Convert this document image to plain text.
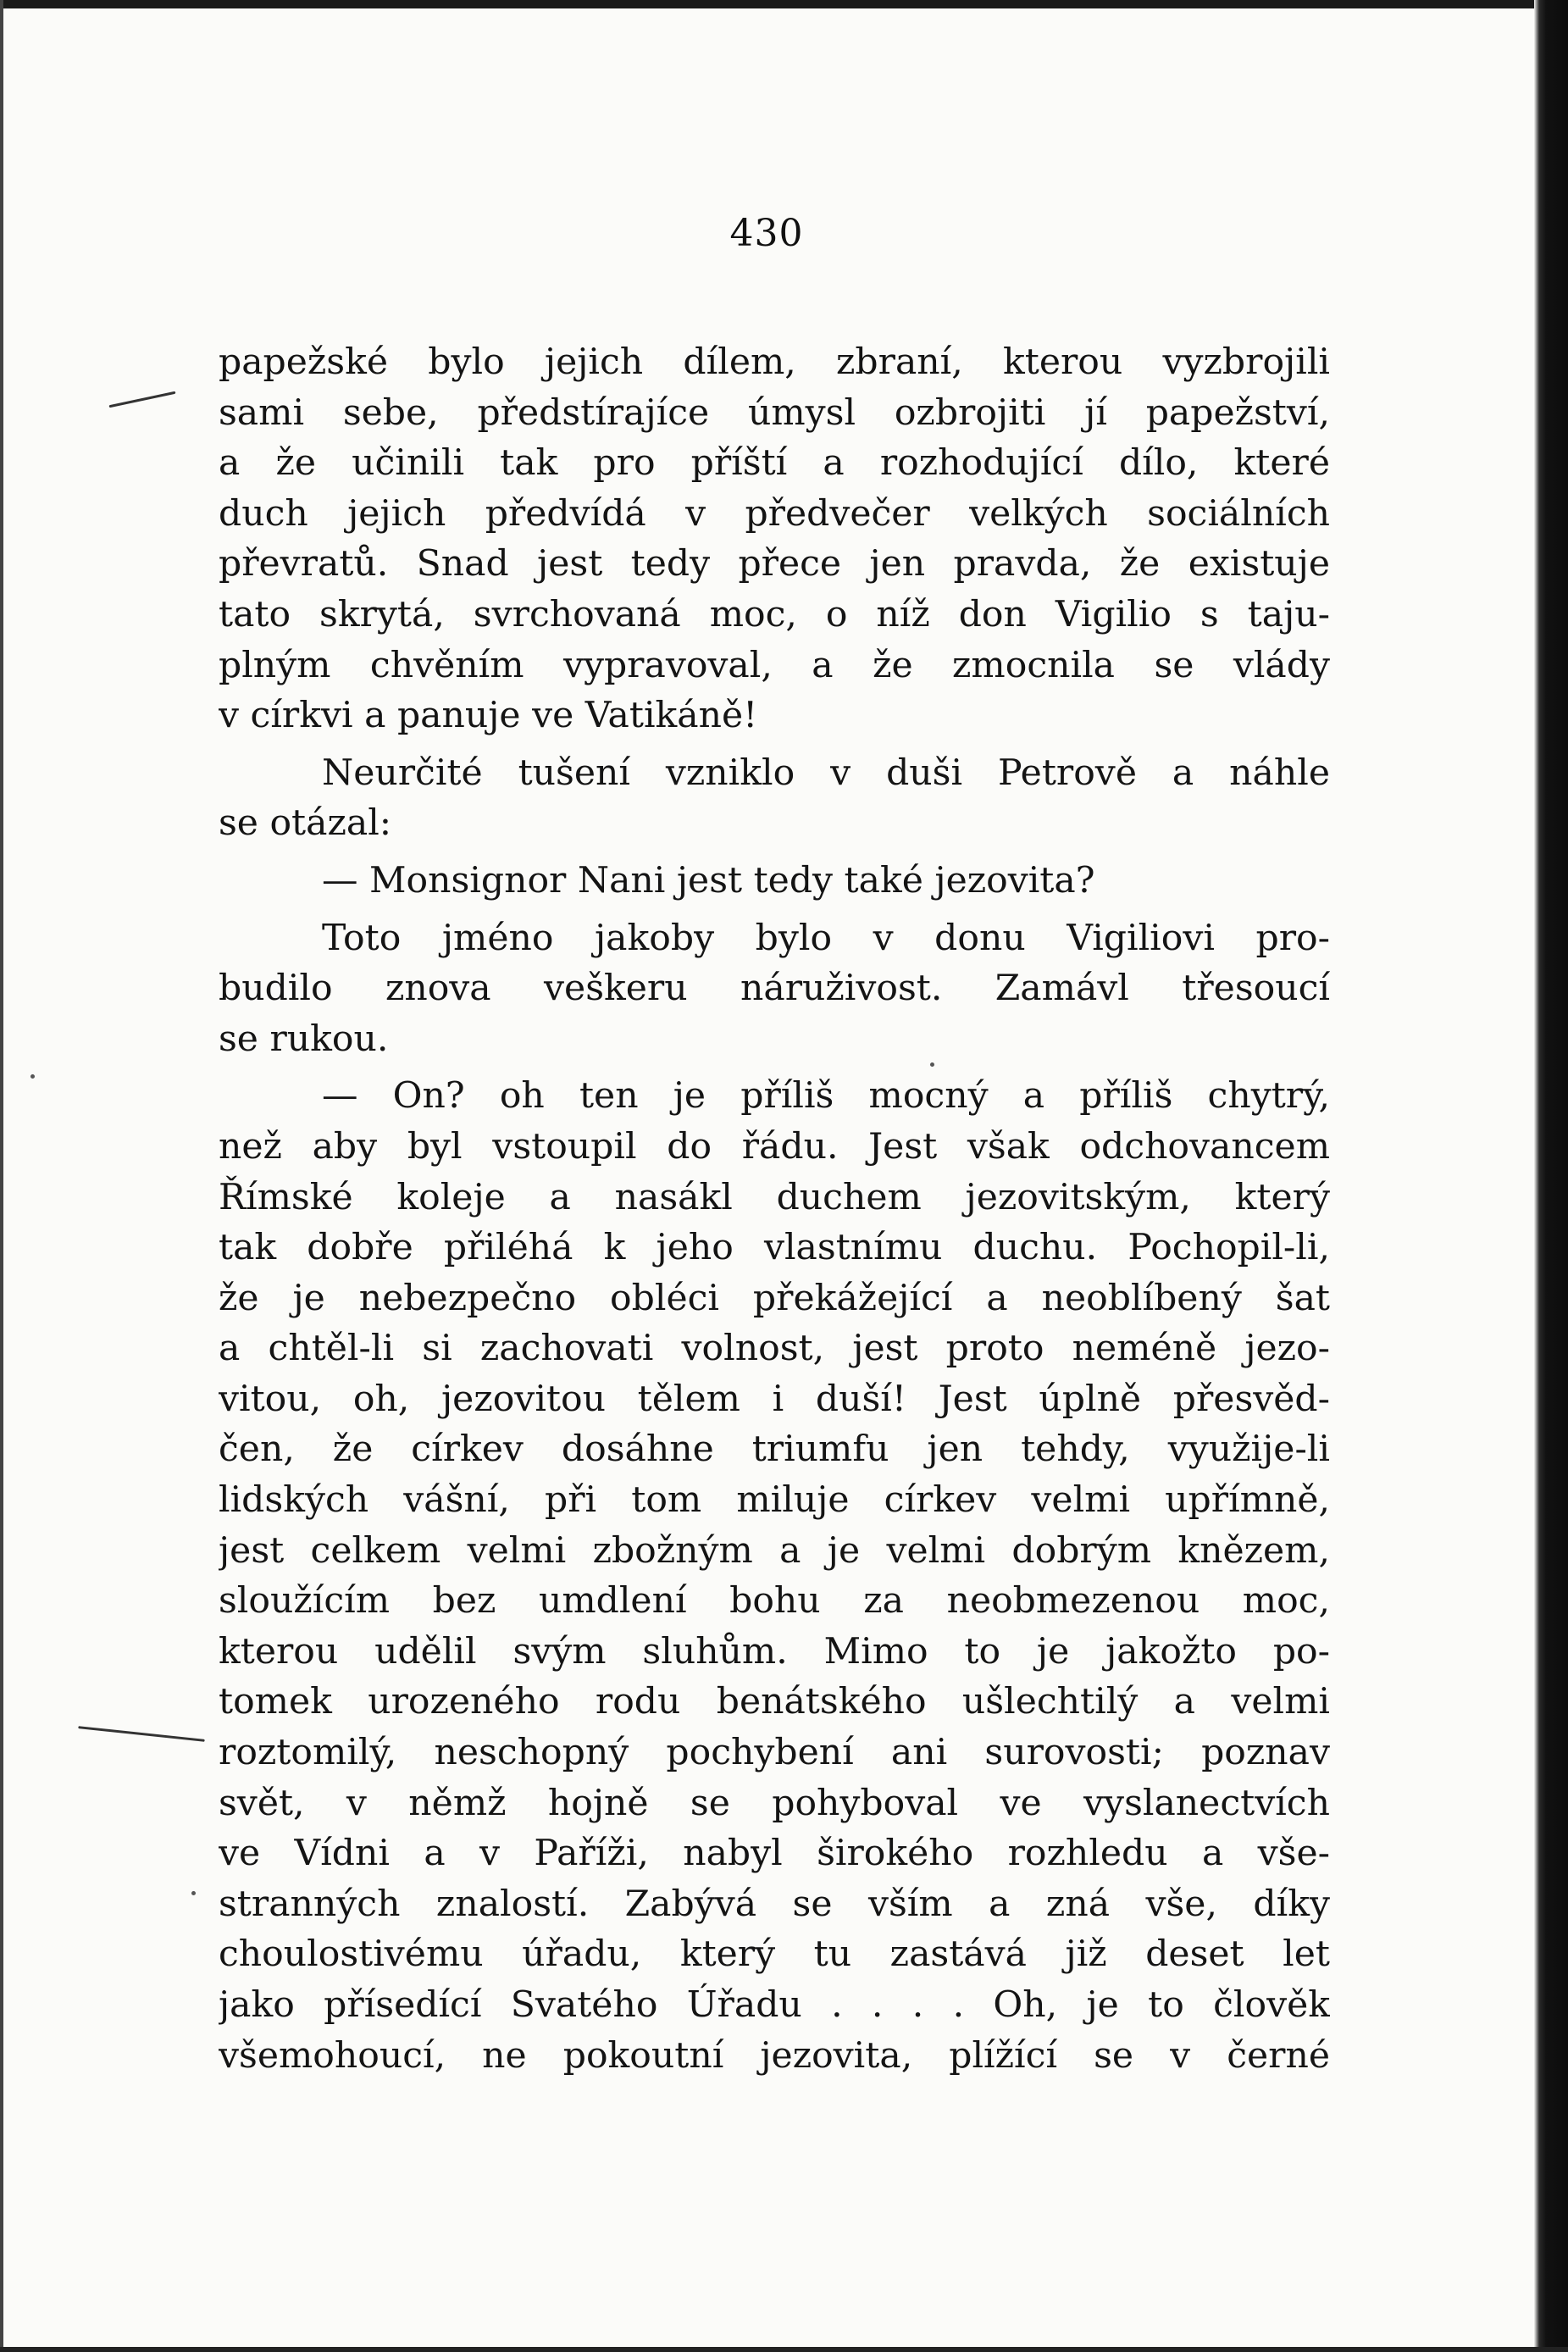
430
papežské bylo jejich dílem, zbraní, kterou vyzbrojili
sami sebe, předstírajíce úmysl ozbrojiti jí papežství,
a že učinili tak pro příští a rozhodující dílo, které
duch jejich předvídá v předvečer velkých sociálních
převratů. Snad jest tedy přece jen pravda, že existuje
tato skrytá, svrchovaná moc, o níž don Vigilio s taju-
plným chvěním vypravoval, a že zmocnila se vlády
v církvi a panuje ve Vatikáně!
Neurčité tušení vzniklo v duši Petrově a náhle
se otázal:
— Monsignor Nani jest tedy také jezovita?
Toto jméno jakoby bylo v donu Vigiliovi pro-
budilo znova veškeru náruživost. Zamávl třesoucí
se rukou.
— On? oh ten je příliš mocný a příliš chytrý,
než aby byl vstoupil do řádu. Jest však odchovancem
Římské koleje a nasákl duchem jezovitským, který
tak dobře přiléhá k jeho vlastnímu duchu. Pochopil-li,
že je nebezpečno obléci překážející a neoblíbený šat
a chtěl-li si zachovati volnost, jest proto neméně jezo-
vitou, oh, jezovitou tělem i duší! Jest úplně přesvěd-
čen, že církev dosáhne triumfu jen tehdy, využije-li
lidských vášní, při tom miluje církev velmi upřímně,
jest celkem velmi zbožným a je velmi dobrým knězem,
sloužícím bez umdlení bohu za neobmezenou moc,
kterou udělil svým sluhům. Mimo to je jakožto po-
tomek urozeného rodu benátského ušlechtilý a velmi
roztomilý, neschopný pochybení ani surovosti; poznav
svět, v němž hojně se pohyboval ve vyslanectvích
ve Vídni a v Paříži, nabyl širokého rozhledu a vše-
stranných znalostí. Zabývá se vším a zná vše, díky
choulostivému úřadu, který tu zastává již deset let
jako přísedící Svatého Úřadu . . . . Oh, je to člověk
všemohoucí, ne pokoutní jezovita, plížící se v černé
